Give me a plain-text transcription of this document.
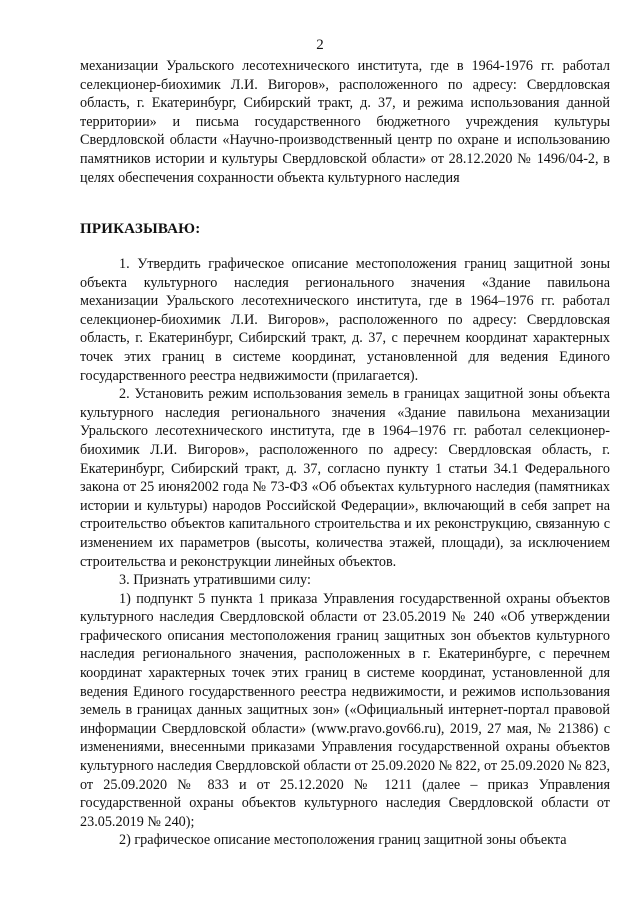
2

механизации Уральского лесотехнического института, где в 1964-1976 гг. работал селекционер-биохимик Л.И. Вигоров», расположенного по адресу: Свердловская область, г. Екатеринбург, Сибирский тракт, д. 37, и режима использования данной территории» и письма государственного бюджетного учреждения культуры Свердловской области «Научно-производственный центр по охране и использованию памятников истории и культуры Свердловской области» от 28.12.2020 № 1496/04-2, в целях обеспечения сохранности объекта культурного наследия

ПРИКАЗЫВАЮ:

1. Утвердить графическое описание местоположения границ защитной зоны объекта культурного наследия регионального значения «Здание павильона механизации Уральского лесотехнического института, где в 1964–1976 гг. работал селекционер-биохимик Л.И. Вигоров», расположенного по адресу: Свердловская область, г. Екатеринбург, Сибирский тракт, д. 37, с перечнем координат характерных точек этих границ в системе координат, установленной для ведения Единого государственного реестра недвижимости (прилагается).

2. Установить режим использования земель в границах защитной зоны объекта культурного наследия регионального значения «Здание павильона механизации Уральского лесотехнического института, где в 1964–1976 гг. работал селекционер-биохимик Л.И. Вигоров», расположенного по адресу: Свердловская область, г. Екатеринбург, Сибирский тракт, д. 37, согласно пункту 1 статьи 34.1 Федерального закона от 25 июня2002 года № 73-ФЗ «Об объектах культурного наследия (памятниках истории и культуры) народов Российской Федерации», включающий в себя запрет на строительство объектов капитального строительства и их реконструкцию, связанную с изменением их параметров (высоты, количества этажей, площади), за исключением строительства и реконструкции линейных объектов.

3. Признать утратившими силу:

1) подпункт 5 пункта 1 приказа Управления государственной охраны объектов культурного наследия Свердловской области от 23.05.2019 № 240 «Об утверждении графического описания местоположения границ защитных зон объектов культурного наследия регионального значения, расположенных в г. Екатеринбурге, с перечнем координат характерных точек этих границ в системе координат, установленной для ведения Единого государственного реестра недвижимости, и режимов использования земель в границах данных защитных зон» («Официальный интернет-портал правовой информации Свердловской области» (www.pravo.gov66.ru), 2019, 27 мая, № 21386) с изменениями, внесенными приказами Управления государственной охраны объектов культурного наследия Свердловской области от 25.09.2020 № 822, от 25.09.2020 № 823, от 25.09.2020 № 833 и от 25.12.2020 № 1211 (далее – приказ Управления государственной охраны объектов культурного наследия Свердловской области от 23.05.2019 № 240);

2) графическое описание местоположения границ защитной зоны объекта
